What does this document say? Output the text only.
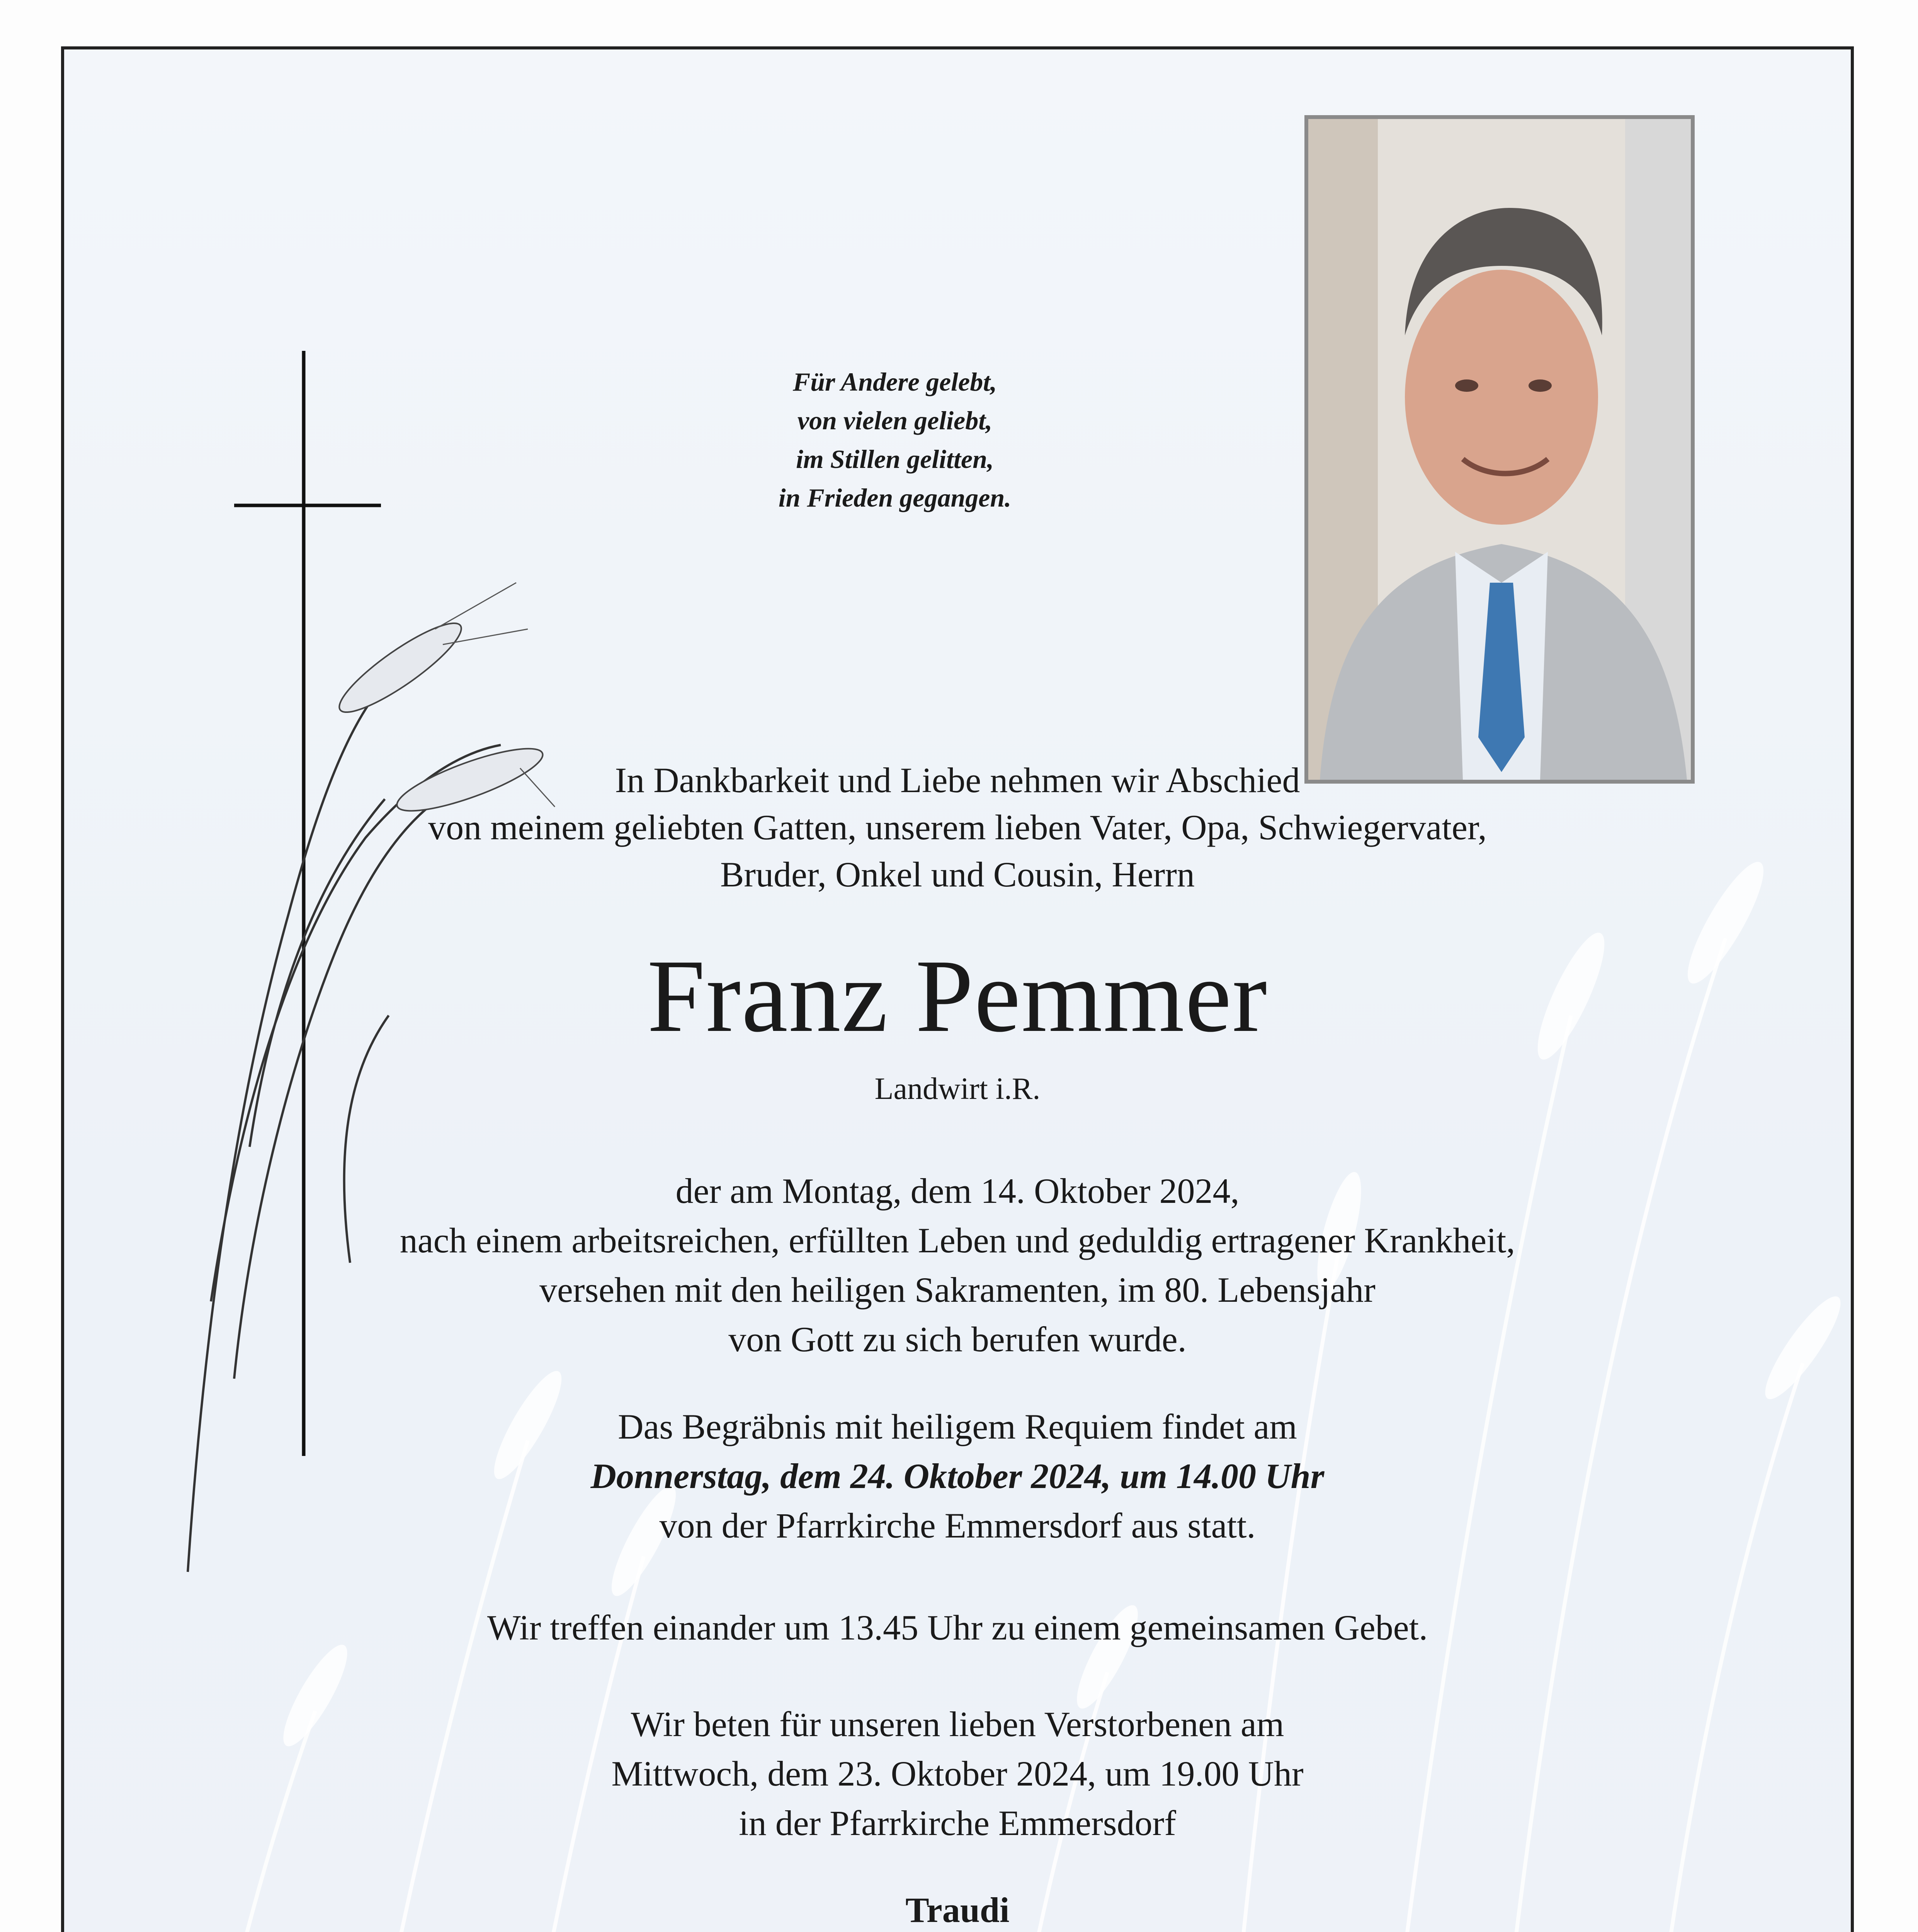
Für Andere gelebt,
von vielen geliebt,
im Stillen gelitten,
in Frieden gegangen.
In Dankbarkeit und Liebe nehmen wir Abschied
von meinem geliebten Gatten, unserem lieben Vater, Opa, Schwiegervater,
Bruder, Onkel und Cousin, Herrn
Franz Pemmer
Landwirt i.R.
der am Montag, dem 14. Oktober 2024,
nach einem arbeitsreichen, erfüllten Leben und geduldig ertragener Krankheit,
versehen mit den heiligen Sakramenten, im 80. Lebensjahr
von Gott zu sich berufen wurde.
Das Begräbnis mit heiligem Requiem findet am
Donnerstag, dem 24. Oktober 2024, um 14.00 Uhr
von der Pfarrkirche Emmersdorf aus statt.
Wir treffen einander um 13.45 Uhr zu einem gemeinsamen Gebet.
Wir beten für unseren lieben Verstorbenen am
Mittwoch, dem 23. Oktober 2024, um 19.00 Uhr
in der Pfarrkirche Emmersdorf
Traudi
